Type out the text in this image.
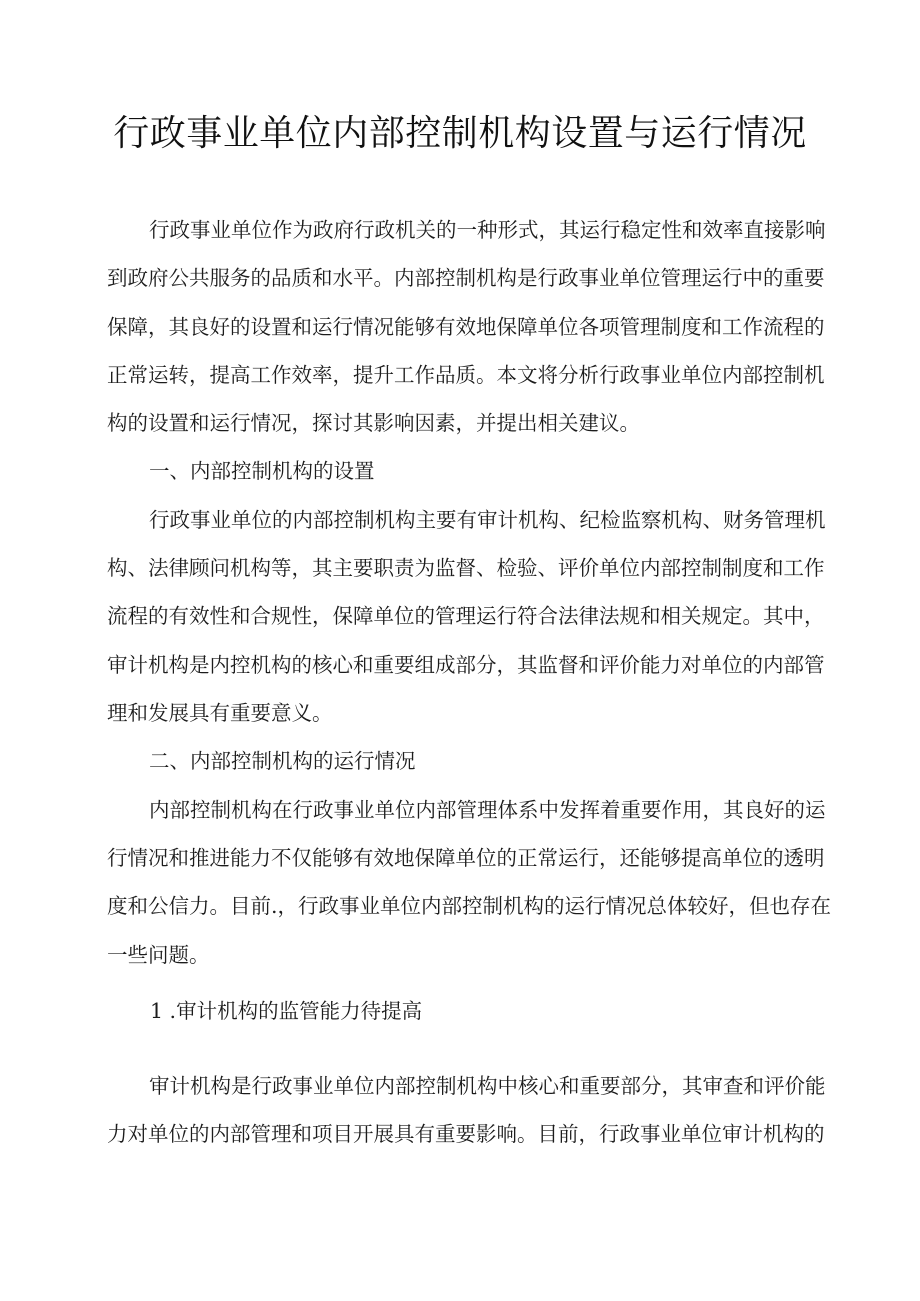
行政事业单位内部控制机构设置与运行情况
行政事业单位作为政府行政机关的一种形式，其运行稳定性和效率直接影响
到政府公共服务的品质和水平。内部控制机构是行政事业单位管理运行中的重要
保障，其良好的设置和运行情况能够有效地保障单位各项管理制度和工作流程的
正常运转，提高工作效率，提升工作品质。本文将分析行政事业单位内部控制机
构的设置和运行情况，探讨其影响因素，并提出相关建议。
一、内部控制机构的设置
行政事业单位的内部控制机构主要有审计机构、纪检监察机构、财务管理机
构、法律顾问机构等，其主要职责为监督、检验、评价单位内部控制制度和工作
流程的有效性和合规性，保障单位的管理运行符合法律法规和相关规定。其中，
审计机构是内控机构的核心和重要组成部分，其监督和评价能力对单位的内部管
理和发展具有重要意义。
二、内部控制机构的运行情况
内部控制机构在行政事业单位内部管理体系中发挥着重要作用，其良好的运
行情况和推进能力不仅能够有效地保障单位的正常运行，还能够提高单位的透明
度和公信力。目前.，行政事业单位内部控制机构的运行情况总体较好，但也存在
一些问题。
1 .审计机构的监管能力待提高
审计机构是行政事业单位内部控制机构中核心和重要部分，其审查和评价能
力对单位的内部管理和项目开展具有重要影响。目前，行政事业单位审计机构的
